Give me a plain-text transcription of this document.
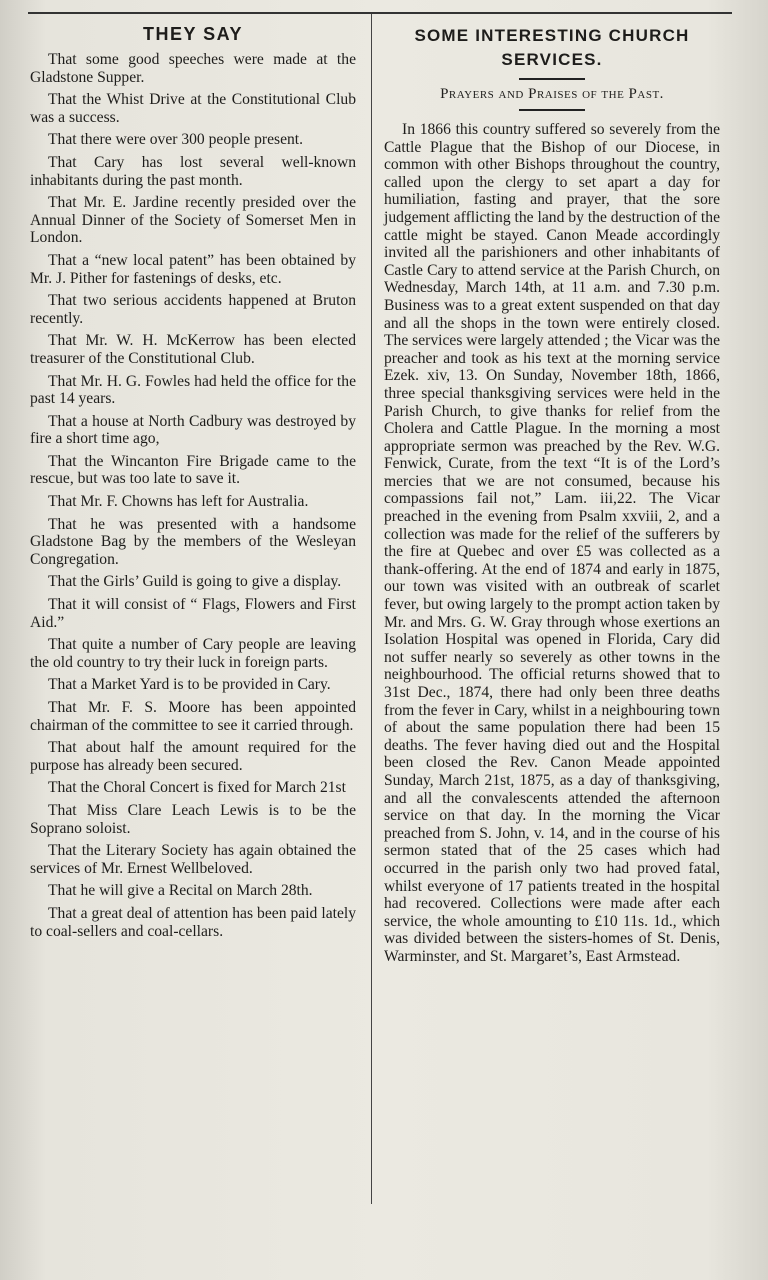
THEY SAY

That some good speeches were made at the Gladstone Supper.

That the Whist Drive at the Constitutional Club was a success.

That there were over 300 people present.

That Cary has lost several well-known inhabitants during the past month.

That Mr. E. Jardine recently presided over the Annual Dinner of the Society of Somerset Men in London.

That a “new local patent” has been obtained by Mr. J. Pither for fastenings of desks, etc.

That two serious accidents happened at Bruton recently.

That Mr. W. H. McKerrow has been elected treasurer of the Constitutional Club.

That Mr. H. G. Fowles had held the office for the past 14 years.

That a house at North Cadbury was destroyed by fire a short time ago,

That the Wincanton Fire Brigade came to the rescue, but was too late to save it.

That Mr. F. Chowns has left for Australia.

That he was presented with a handsome Gladstone Bag by the members of the Wesleyan Congregation.

That the Girls’ Guild is going to give a display.

That it will consist of “ Flags, Flowers and First Aid.”

That quite a number of Cary people are leaving the old country to try their luck in foreign parts.

That a Market Yard is to be provided in Cary.

That Mr. F. S. Moore has been appointed chairman of the committee to see it carried through.

That about half the amount required for the purpose has already been secured.

That the Choral Concert is fixed for March 21st

That Miss Clare Leach Lewis is to be the Soprano soloist.

That the Literary Society has again obtained the services of Mr. Ernest Wellbeloved.

That he will give a Recital on March 28th.

That a great deal of attention has been paid lately to coal-sellers and coal-cellars.

SOME INTERESTING CHURCH SERVICES.
Prayers and Praises of the Past.

In 1866 this country suffered so severely from the Cattle Plague that the Bishop of our Diocese, in common with other Bishops throughout the country, called upon the clergy to set apart a day for humiliation, fasting and prayer, that the sore judgement afflicting the land by the destruction of the cattle might be stayed. Canon Meade accordingly invited all the parishioners and other inhabitants of Castle Cary to attend service at the Parish Church, on Wednesday, March 14th, at 11 a.m. and 7.30 p.m. Business was to a great extent suspended on that day and all the shops in the town were entirely closed. The services were largely attended ; the Vicar was the preacher and took as his text at the morning service Ezek. xiv, 13. On Sunday, November 18th, 1866, three special thanksgiving services were held in the Parish Church, to give thanks for relief from the Cholera and Cattle Plague. In the morning a most appropriate sermon was preached by the Rev. W.G. Fenwick, Curate, from the text “It is of the Lord’s mercies that we are not consumed, because his compassions fail not,” Lam. iii,22. The Vicar preached in the evening from Psalm xxviii, 2, and a collection was made for the relief of the sufferers by the fire at Quebec and over £5 was collected as a thank-offering. At the end of 1874 and early in 1875, our town was visited with an outbreak of scarlet fever, but owing largely to the prompt action taken by Mr. and Mrs. G. W. Gray through whose exertions an Isolation Hospital was opened in Florida, Cary did not suffer nearly so severely as other towns in the neighbourhood. The official returns showed that to 31st Dec., 1874, there had only been three deaths from the fever in Cary, whilst in a neighbouring town of about the same population there had been 15 deaths. The fever having died out and the Hospital been closed the Rev. Canon Meade appointed Sunday, March 21st, 1875, as a day of thanksgiving, and all the convalescents attended the afternoon service on that day. In the morning the Vicar preached from S. John, v. 14, and in the course of his sermon stated that of the 25 cases which had occurred in the parish only two had proved fatal, whilst everyone of 17 patients treated in the hospital had recovered. Collections were made after each service, the whole amounting to £10 11s. 1d., which was divided between the sisters-homes of St. Denis, Warminster, and St. Margaret’s, East Armstead.
